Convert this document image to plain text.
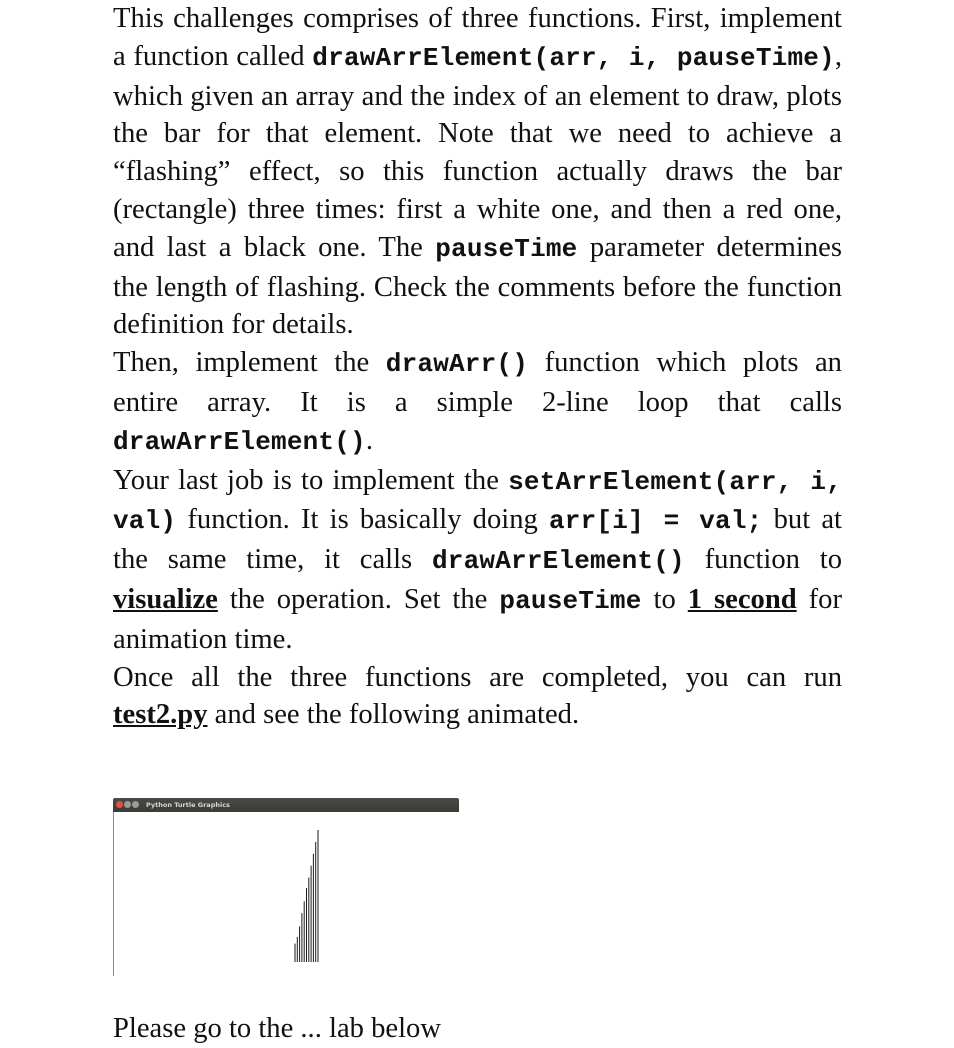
This challenges comprises of three functions. First, implement a function called drawArrElement(arr, i, pauseTime), which given an array and the index of an element to draw, plots the bar for that element. Note that we need to achieve a “flashing” effect, so this function actually draws the bar (rectangle) three times: first a white one, and then a red one, and last a black one. The pauseTime parameter determines the length of flashing. Check the comments before the function definition for details.

Then, implement the drawArr() function which plots an entire array. It is a simple 2-line loop that calls drawArrElement().

Your last job is to implement the setArrElement(arr, i, val) function. It is basically doing arr[i] = val; but at the same time, it calls drawArrElement() function to visualize the operation. Set the pauseTime to 1 second for animation time.

Once all the three functions are completed, you can run test2.py and see the following animated.

Python Turtle Graphics
Please go to the ... lab below
